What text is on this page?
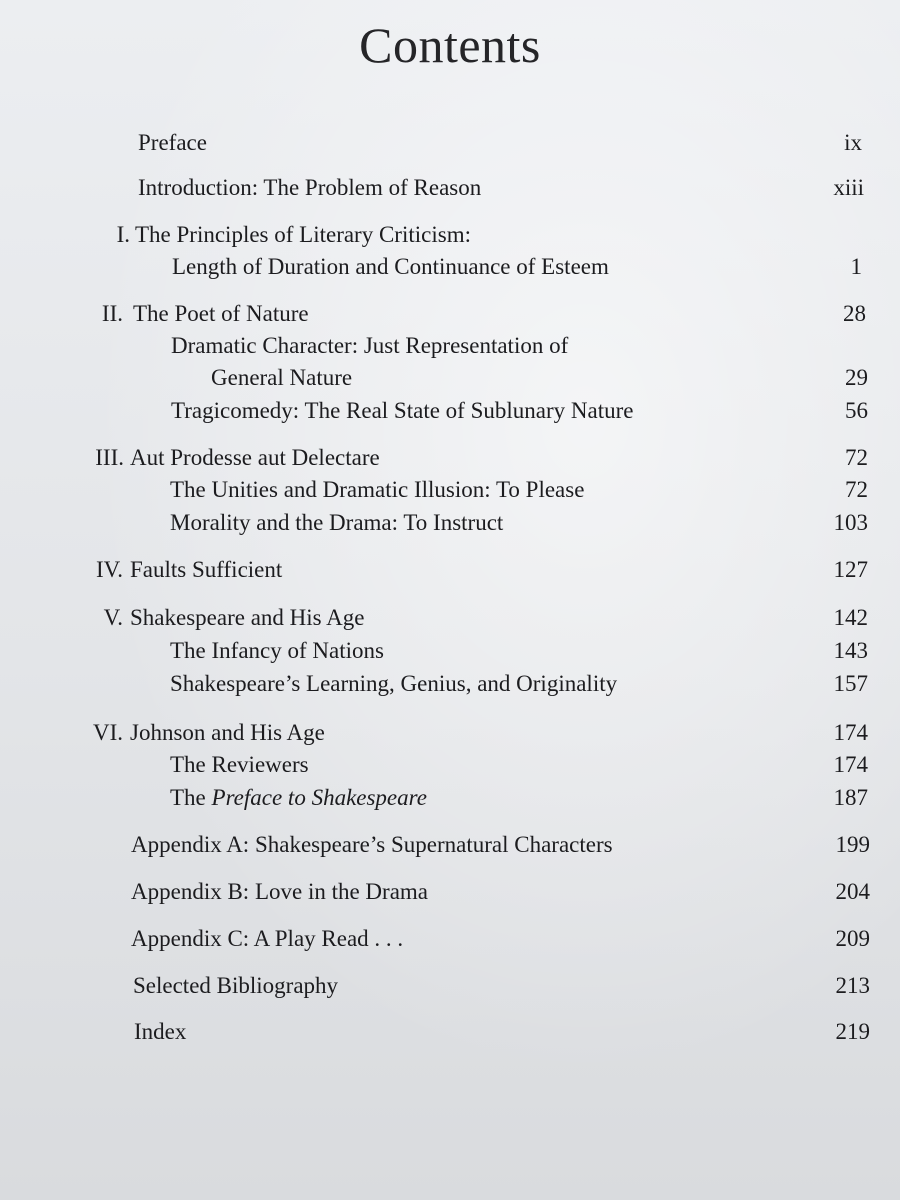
Contents
Preface	ix
Introduction: The Problem of Reason	xiii
I. The Principles of Literary Criticism:
Length of Duration and Continuance of Esteem	1
II. The Poet of Nature	28
Dramatic Character: Just Representation of
General Nature	29
Tragicomedy: The Real State of Sublunary Nature	56
III. Aut Prodesse aut Delectare	72
The Unities and Dramatic Illusion: To Please	72
Morality and the Drama: To Instruct	103
IV. Faults Sufficient	127
V. Shakespeare and His Age	142
The Infancy of Nations	143
Shakespeare’s Learning, Genius, and Originality	157
VI. Johnson and His Age	174
The Reviewers	174
The Preface to Shakespeare	187
Appendix A: Shakespeare’s Supernatural Characters	199
Appendix B: Love in the Drama	204
Appendix C: A Play Read . . .	209
Selected Bibliography	213
Index	219
